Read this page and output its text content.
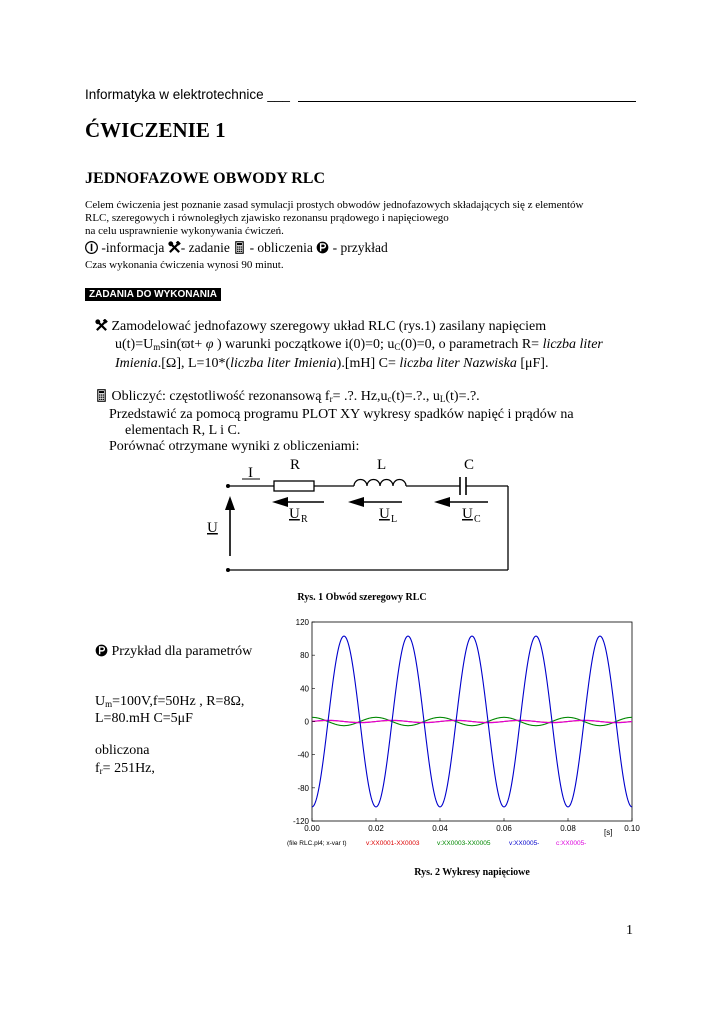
Informatyka w elektrotechnice ___
ĆWICZENIE 1
JEDNOFAZOWE OBWODY RLC
Celem ćwiczenia jest poznanie zasad symulacji prostych obwodów jednofazowych składających się z elementów
RLC, szeregowych i równoległych zjawisko rezonansu prądowego i napięciowego
na celu usprawnienie wykonywania ćwiczeń.
-informacja - zadanie  - obliczenia  - przykład
Czas wykonania ćwiczenia wynosi 90 minut.
ZADANIA DO WYKONANIA
Zamodelować jednofazowy szeregowy układ RLC (rys.1) zasilany napięciem
$u(t)=U_m\sin(ϖt+ \varphi$ ) warunki początkowe i(0)=0; $u_C(0)=0$, o parametrach R= liczba liter
Imienia.[Ω], L=10*(liczba liter Imienia).[mH] C= liczba liter Nazwiska [μF].
Obliczyć: częstotliwość rezonansową $f_r=$ .?. $Hz,u_c(t)=$.?., $u_L(t)=$.?.
Przedstawić za pomocą programu PLOT XY wykresy spadków napięć i prądów na
elementach R, L i C.
Porównać otrzymane wyniki z obliczeniami:
R	L	C
I
U
U R	U L	U C
Rys. 1 Obwód szeregowy RLC
Przykład dla parametrów
$U_m=100V,f=50Hz$ , R=8Ω,
L=80.mH C=5μF
obliczona
$f_r= 251Hz$,
120
80
40
0
-40
-80
-120
0.00	0.02	0.04	0.06	0.08	0.10
[s]
(file RLC.pl4; x-var t)	v:XX0001-XX0003	v:XX0003-XX0005	v:XX0005-	c:XX0005-
Rys. 2 Wykresy napięciowe
1
